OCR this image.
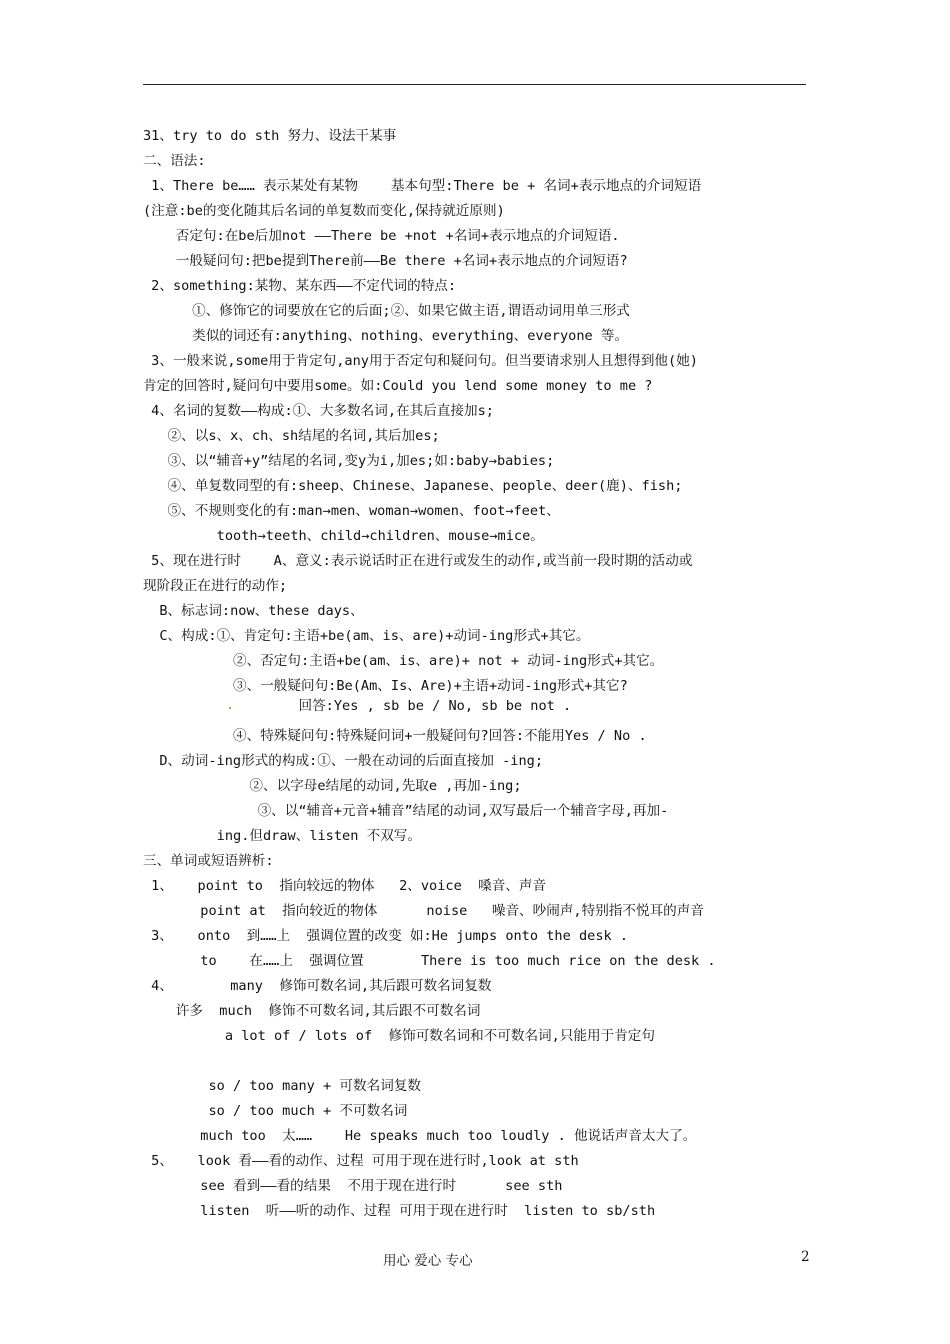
31、try to do sth 努力、设法干某事
二、语法:
1、There be…… 表示某处有某物    基本句型:There be + 名词+表示地点的介词短语
(注意:be的变化随其后名词的单复数而变化,保持就近原则)
否定句:在be后加not ——There be +not +名词+表示地点的介词短语.
一般疑问句:把be提到There前——Be there +名词+表示地点的介词短语?
2、something:某物、某东西——不定代词的特点:
①、修饰它的词要放在它的后面;②、如果它做主语,谓语动词用单三形式
类似的词还有:anything、nothing、everything、everyone 等。
3、一般来说,some用于肯定句,any用于否定句和疑问句。但当要请求别人且想得到他(她)
肯定的回答时,疑问句中要用some。如:Could you lend some money to me ?
4、名词的复数——构成:①、大多数名词,在其后直接加s;
②、以s、x、ch、sh结尾的名词,其后加es;
③、以“辅音+y”结尾的名词,变y为i,加es;如:baby→babies;
④、单复数同型的有:sheep、Chinese、Japanese、people、deer(鹿)、fish;
⑤、不规则变化的有:man→men、woman→women、foot→feet、
tooth→teeth、child→children、mouse→mice。
5、现在进行时    A、意义:表示说话时正在进行或发生的动作,或当前一段时期的活动或
现阶段正在进行的动作;
B、标志词:now、these days、
C、构成:①、肯定句:主语+be(am、is、are)+动词-ing形式+其它。
②、否定句:主语+be(am、is、are)+ not + 动词-ing形式+其它。
③、一般疑问句:Be(Am、Is、Are)+主语+动词-ing形式+其它?
回答:Yes , sb be / No, sb be not .
④、特殊疑问句:特殊疑问词+一般疑问句?回答:不能用Yes / No .
D、动词-ing形式的构成:①、一般在动词的后面直接加 -ing;
②、以字母e结尾的动词,先取e ,再加-ing;
③、以“辅音+元音+辅音”结尾的动词,双写最后一个辅音字母,再加-
ing.但draw、listen 不双写。
三、单词或短语辨析:
1、   point to  指向较远的物体   2、voice  嗓音、声音
point at  指向较近的物体      noise   噪音、吵闹声,特别指不悦耳的声音
3、   onto  到……上  强调位置的改变 如:He jumps onto the desk .
to    在……上  强调位置       There is too much rice on the desk .
4、       many  修饰可数名词,其后跟可数名词复数
许多  much  修饰不可数名词,其后跟不可数名词
a lot of / lots of  修饰可数名词和不可数名词,只能用于肯定句
so / too many + 可数名词复数
so / too much + 不可数名词
much too  太……    He speaks much too loudly . 他说话声音太大了。
5、   look 看——看的动作、过程 可用于现在进行时,look at sth
see 看到——看的结果  不用于现在进行时      see sth
listen  听——听的动作、过程 可用于现在进行时  listen to sb/sth
用心 爱心 专心	2
